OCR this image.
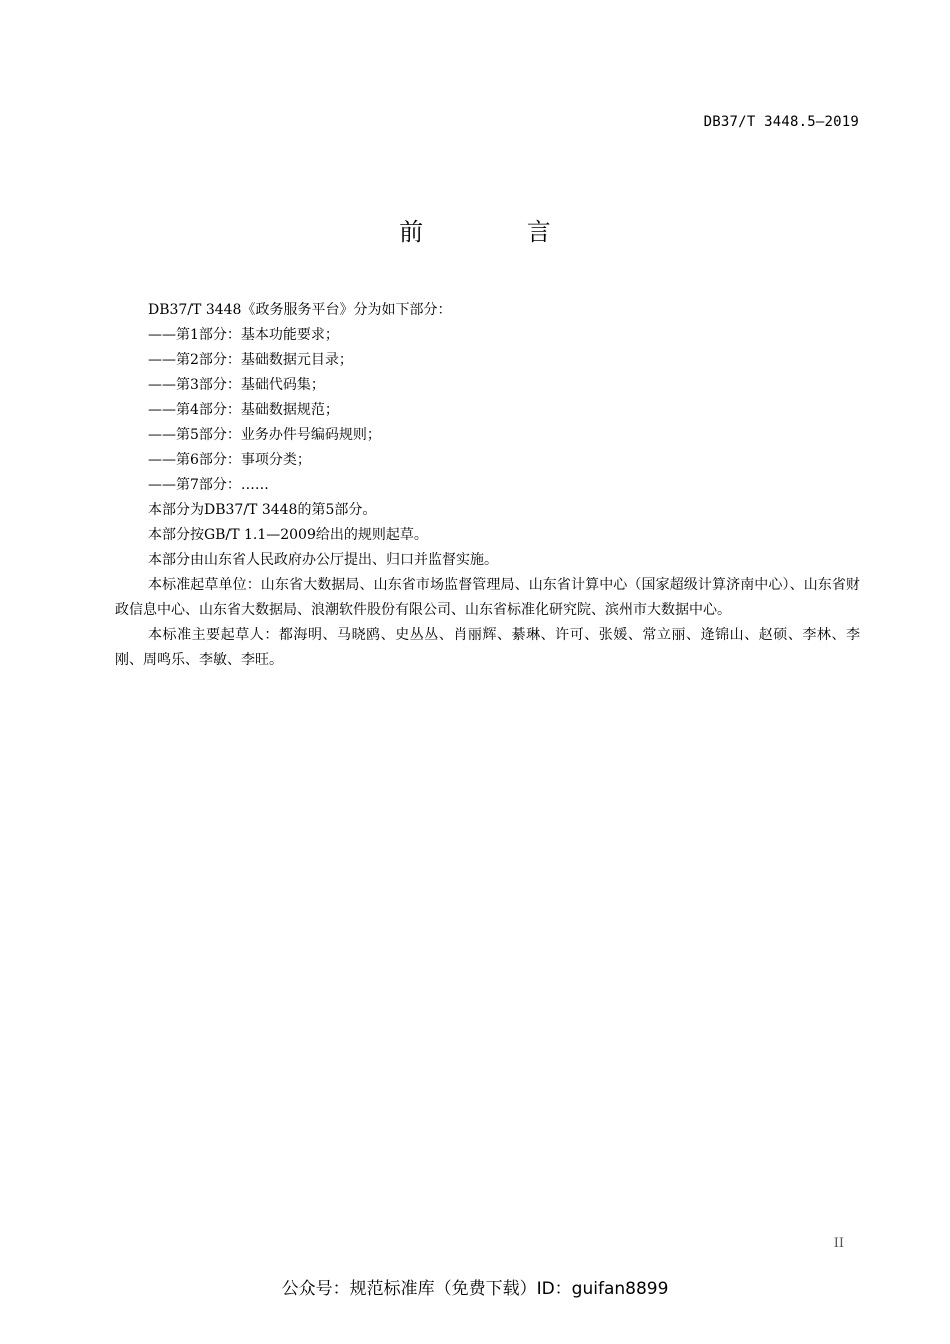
DB37/T 3448.5—2019
前 言

DB37/T 3448《政务服务平台》分为如下部分：

——第1部分：基本功能要求；

——第2部分：基础数据元目录；

——第3部分：基础代码集；

——第4部分：基础数据规范；

——第5部分：业务办件号编码规则；

——第6部分：事项分类；

——第7部分：……

本部分为DB37/T 3448的第5部分。

本部分按GB/T 1.1—2009给出的规则起草。

本部分由山东省人民政府办公厅提出、归口并监督实施。

本标准起草单位：山东省大数据局、山东省市场监督管理局、山东省计算中心（国家超级计算济南中心）、山东省财政信息中心、山东省大数据局、浪潮软件股份有限公司、山东省标准化研究院、滨州市大数据中心。

本标准主要起草人：都海明、马晓鸥、史丛丛、肖丽辉、綦琳、许可、张媛、常立丽、逄锦山、赵硕、李林、李刚、周鸣乐、李敏、李旺。

II
公众号：规范标准库（免费下载）ID：guifan8899
